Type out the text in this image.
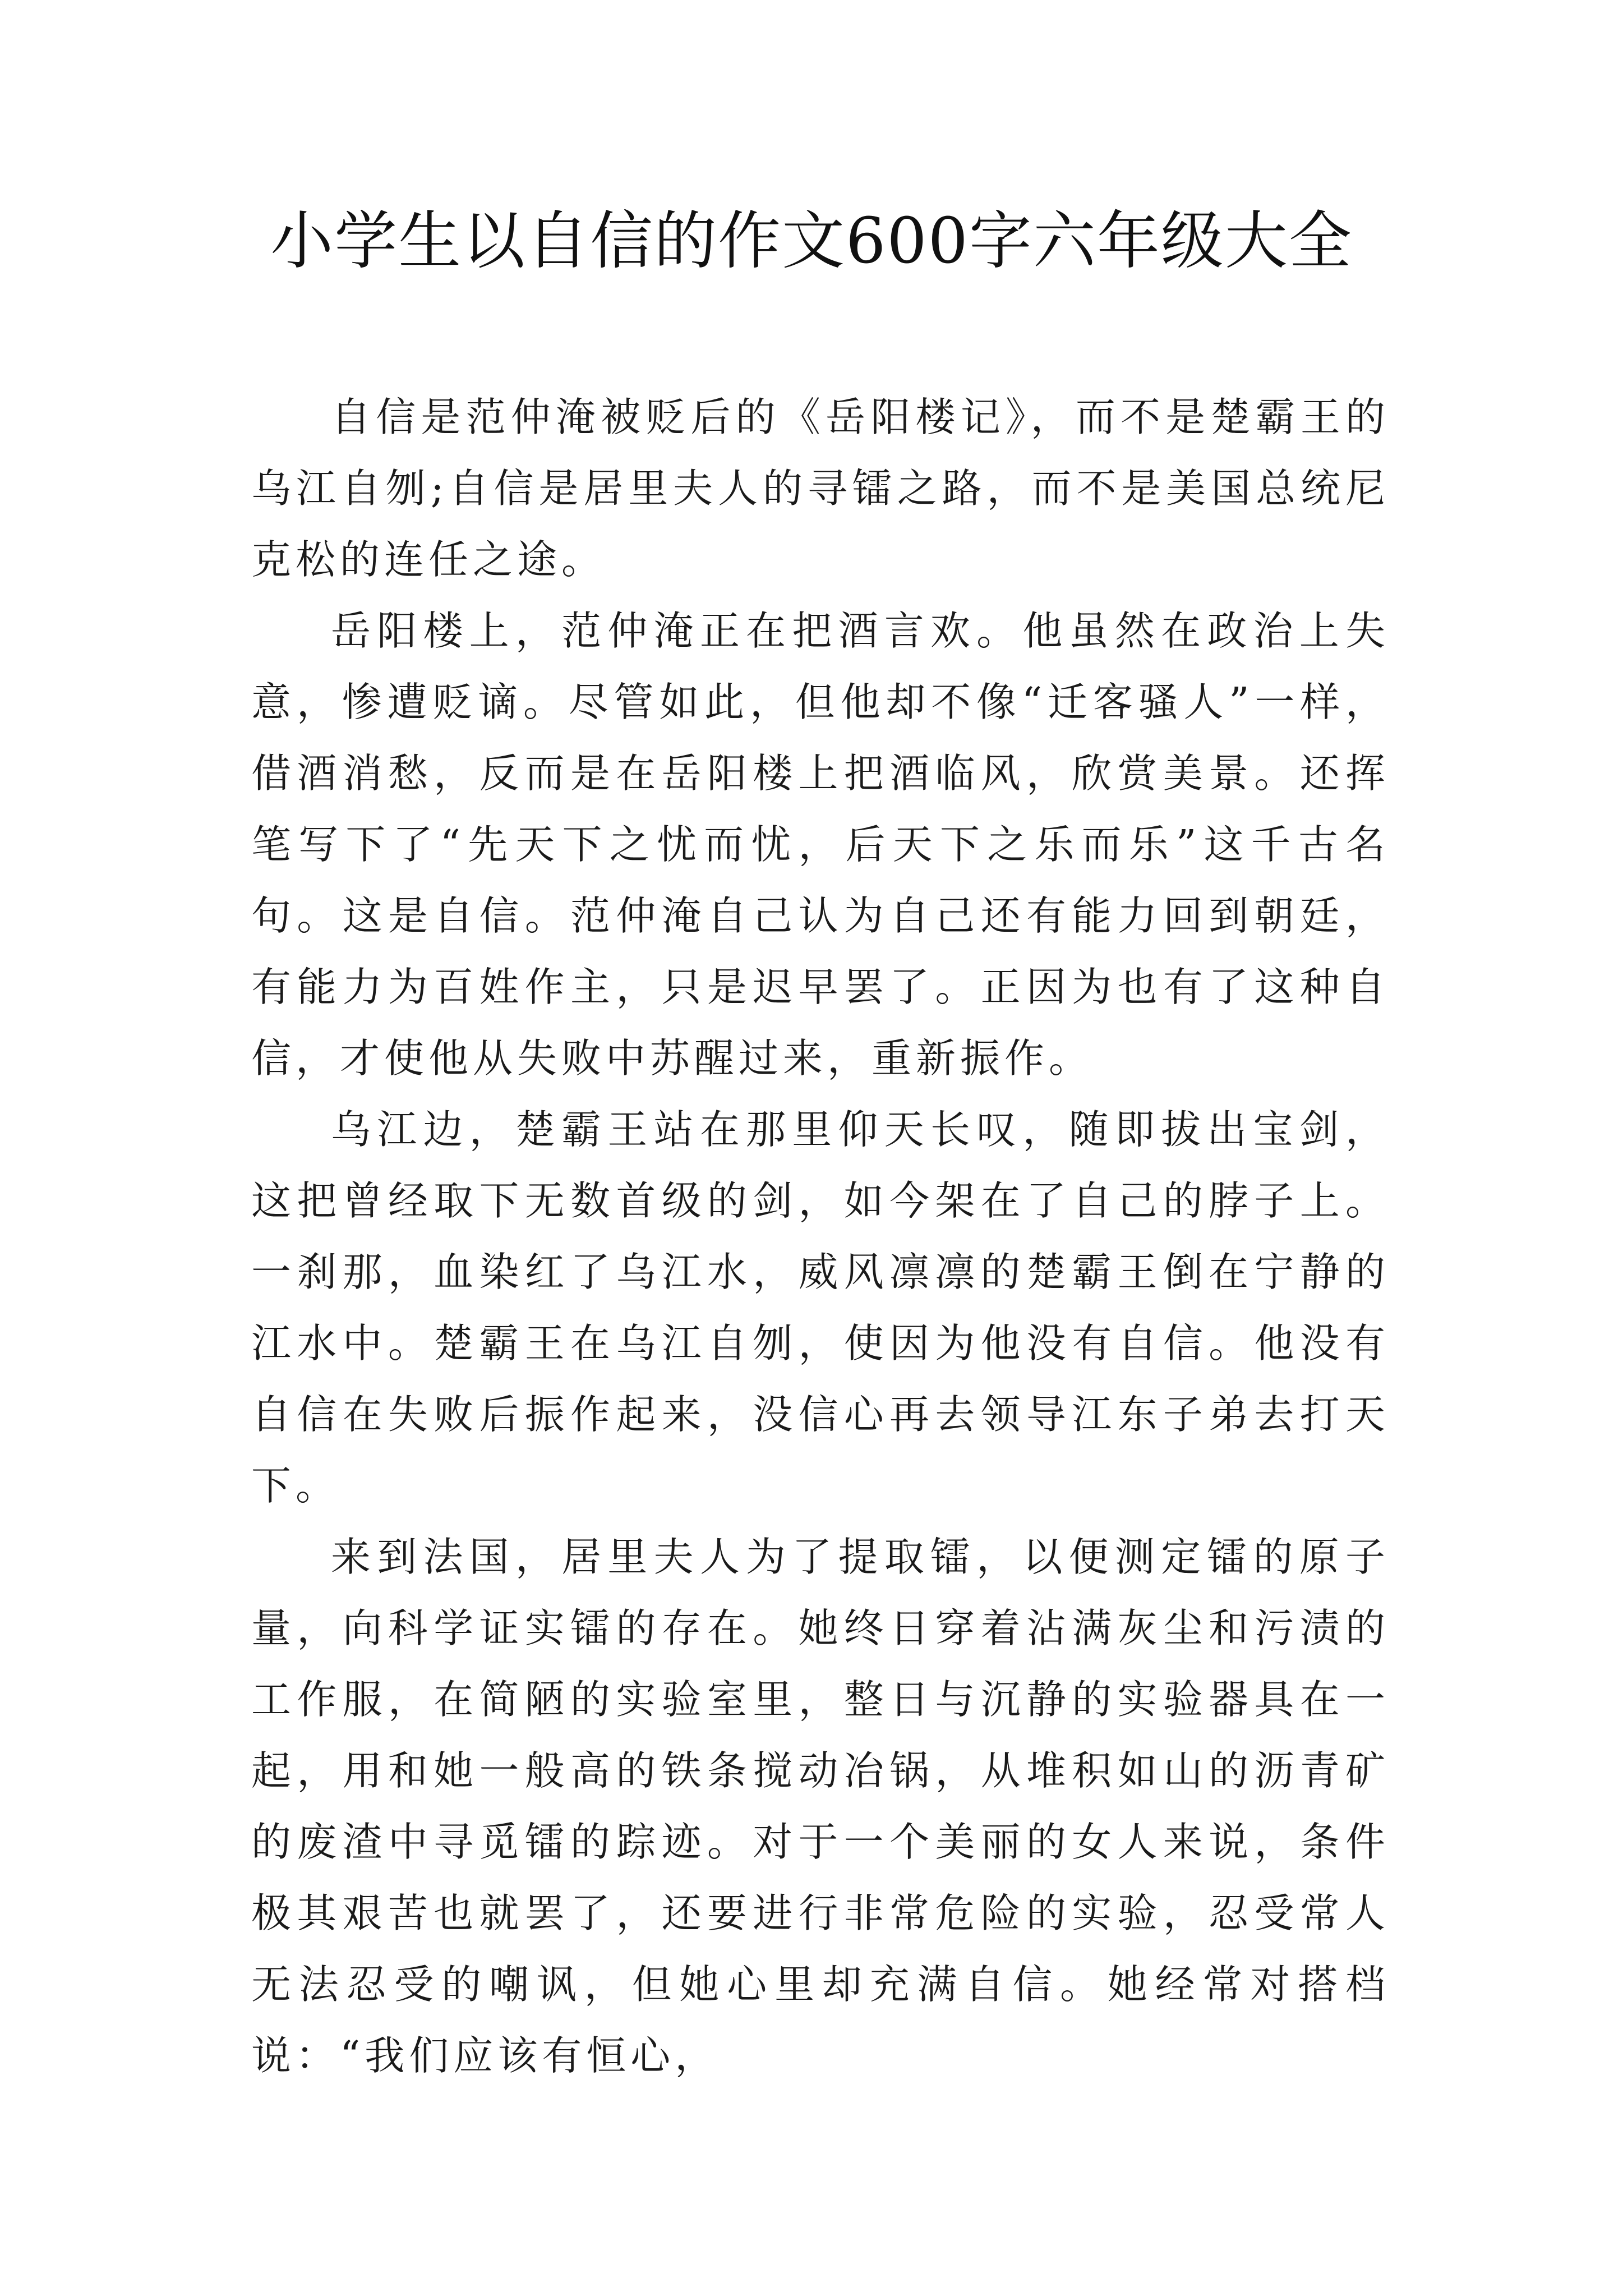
小学生以自信的作文600字六年级大全

自信是范仲淹被贬后的《岳阳楼记》，而不是楚霸王的乌江自刎;自信是居里夫人的寻镭之路，而不是美国总统尼克松的连任之途。

岳阳楼上，范仲淹正在把酒言欢。他虽然在政治上失意，惨遭贬谪。尽管如此，但他却不像“迁客骚人”一样，借酒消愁，反而是在岳阳楼上把酒临风，欣赏美景。还挥笔写下了“先天下之忧而忧，后天下之乐而乐”这千古名句。这是自信。范仲淹自己认为自己还有能力回到朝廷，有能力为百姓作主，只是迟早罢了。正因为也有了这种自信，才使他从失败中苏醒过来，重新振作。

乌江边，楚霸王站在那里仰天长叹，随即拔出宝剑，这把曾经取下无数首级的剑，如今架在了自己的脖子上。一刹那，血染红了乌江水，威风凛凛的楚霸王倒在宁静的江水中。楚霸王在乌江自刎，使因为他没有自信。他没有自信在失败后振作起来，没信心再去领导江东子弟去打天下。

来到法国，居里夫人为了提取镭，以便测定镭的原子量，向科学证实镭的存在。她终日穿着沾满灰尘和污渍的工作服，在简陋的实验室里，整日与沉静的实验器具在一起，用和她一般高的铁条搅动冶锅，从堆积如山的沥青矿的废渣中寻觅镭的踪迹。对于一个美丽的女人来说，条件极其艰苦也就罢了，还要进行非常危险的实验，忍受常人无法忍受的嘲讽，但她心里却充满自信。她经常对搭档说：“我们应该有恒心，
